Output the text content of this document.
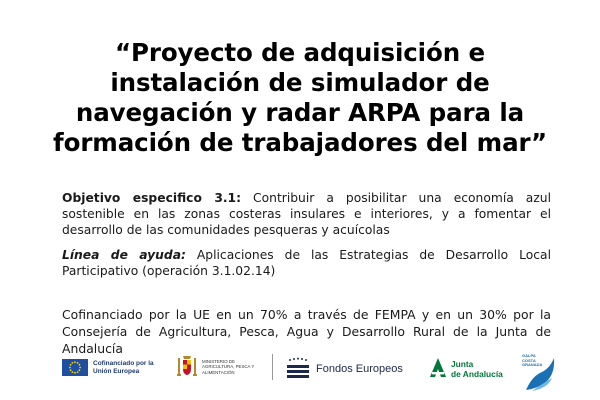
“Proyecto de adquisición e instalación de simulador de navegación y radar ARPA para la formación de trabajadores del mar”
Objetivo especifico 3.1: Contribuir a posibilitar una economía azul sostenible en las zonas costeras insulares e interiores, y a fomentar el desarrollo de las comunidades pesqueras y acuícolas
Línea de ayuda: Aplicaciones de las Estrategias de Desarrollo Local Participativo (operación 3.1.02.14)
Cofinanciado por la UE en un 70% a través de FEMPA y en un 30% por la Consejería de Agricultura, Pesca, Agua y Desarrollo Rural de la Junta de Andalucía
Cofinanciado por la Unión Europea
MINISTERIO DE AGRICULTURA, PESCA Y ALIMENTACIÓN	Fondos Europeos	Junta
de Andalucía
GALPA COSTA GRANADA
